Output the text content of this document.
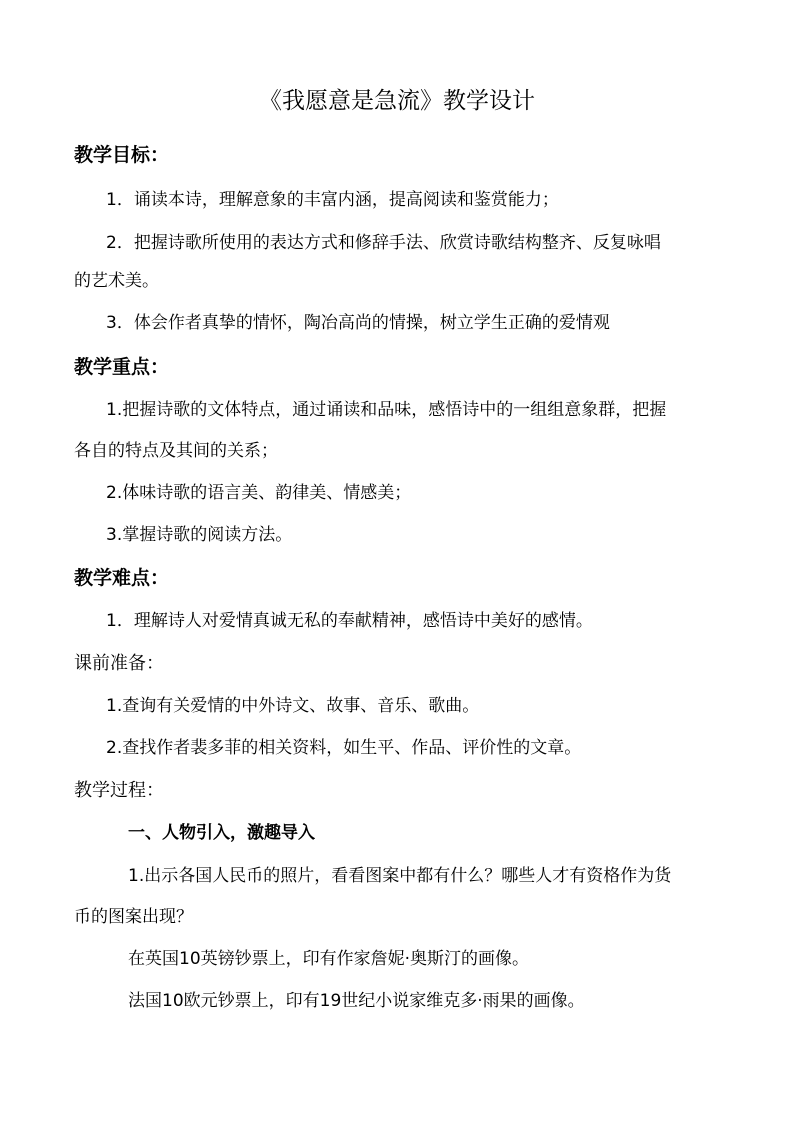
《我愿意是急流》教学设计
教学目标：
1．诵读本诗，理解意象的丰富内涵，提高阅读和鉴赏能力；
2．把握诗歌所使用的表达方式和修辞手法、欣赏诗歌结构整齐、反复咏唱
的艺术美。
3．体会作者真挚的情怀，陶冶高尚的情操，树立学生正确的爱情观
教学重点：
1.把握诗歌的文体特点，通过诵读和品味，感悟诗中的一组组意象群，把握
各自的特点及其间的关系；
2.体味诗歌的语言美、韵律美、情感美；
3.掌握诗歌的阅读方法。
教学难点：
1．理解诗人对爱情真诚无私的奉献精神，感悟诗中美好的感情。
课前准备：
1.查询有关爱情的中外诗文、故事、音乐、歌曲。
2.查找作者裴多菲的相关资料，如生平、作品、评价性的文章。
教学过程：
一、人物引入，激趣导入
1.出示各国人民币的照片，看看图案中都有什么？哪些人才有资格作为货
币的图案出现？
在英国10英镑钞票上，印有作家詹妮·奥斯汀的画像。
法国10欧元钞票上，印有19世纪小说家维克多·雨果的画像。
